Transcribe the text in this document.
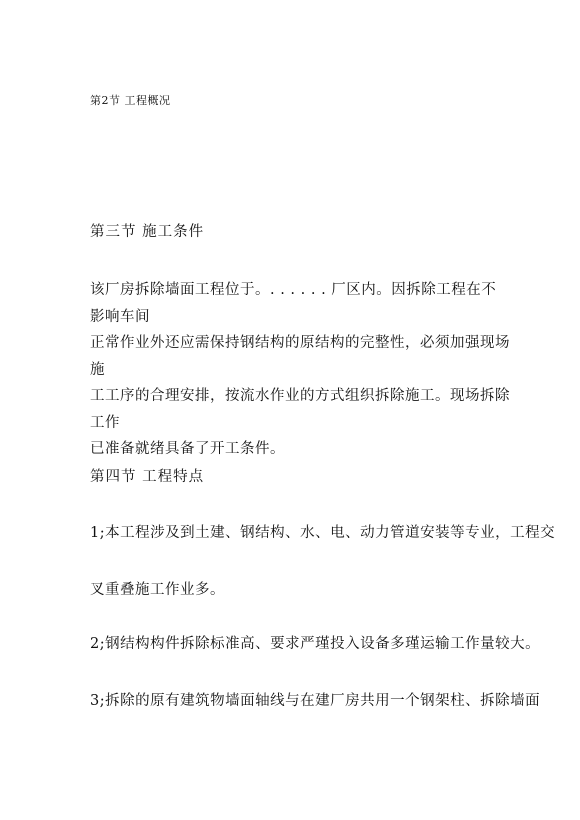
第2节 工程概况
第三节 施工条件
该厂房拆除墙面工程位于。. . . . . . 厂区内。因拆除工程在不影响车间
正常作业外还应需保持钢结构的原结构的完整性，必须加强现场施
工工序的合理安排，按流水作业的方式组织拆除施工。现场拆除工作
已准备就绪具备了开工条件。
第四节 工程特点
1;本工程涉及到土建、钢结构、水、电、动力管道安装等专业，工程交
叉重叠施工作业多。
2;钢结构构件拆除标准高、要求严瑾投入设备多瑾运输工作量较大。
3;拆除的原有建筑物墙面轴线与在建厂房共用一个钢架柱、拆除墙面
